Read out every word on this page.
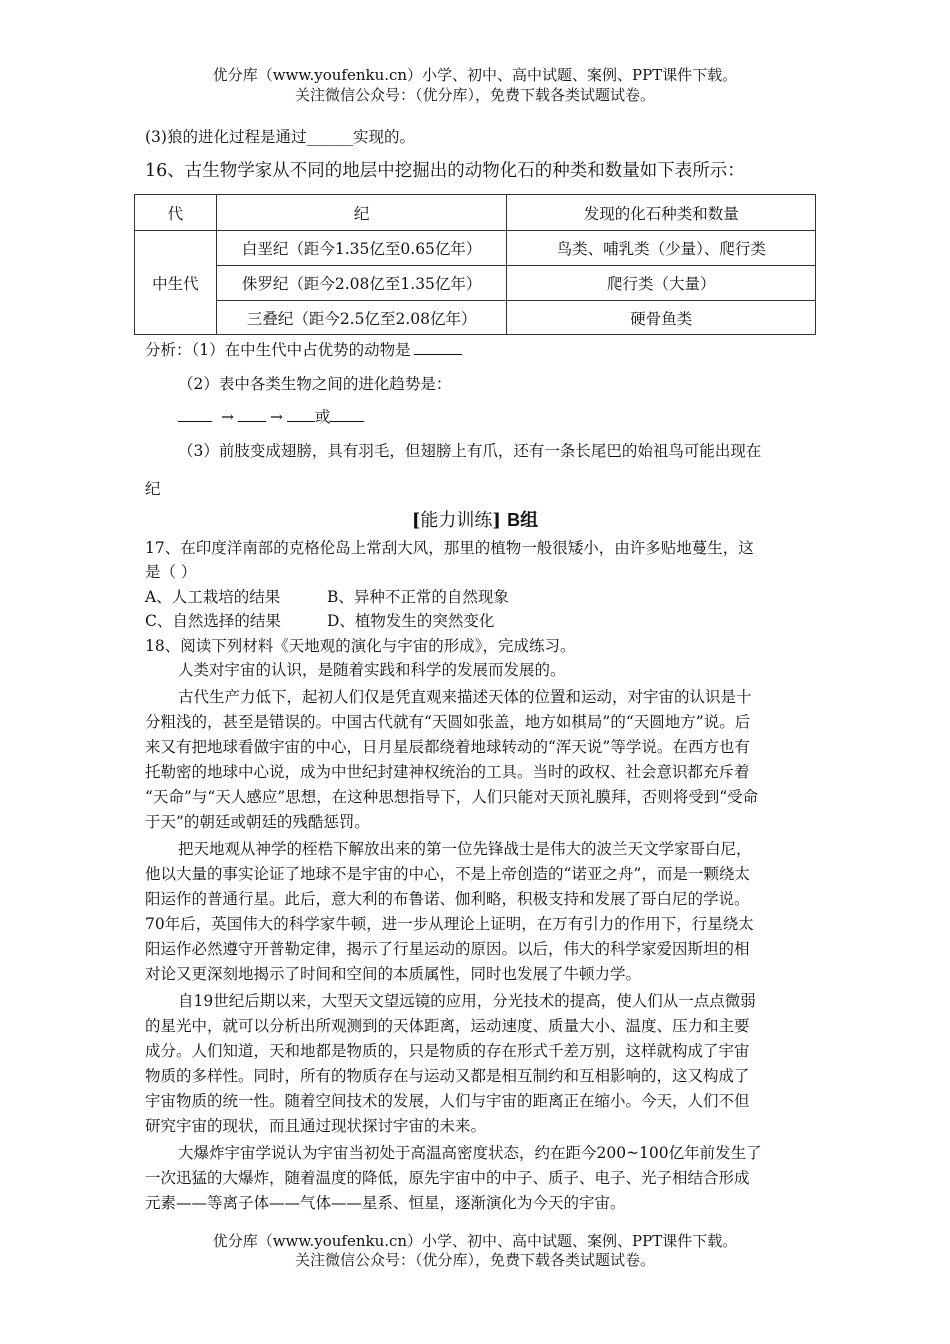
优分库（www.youfenku.cn）小学、初中、高中试题、案例、PPT课件下载。
关注微信公众号：（优分库），免费下载各类试题试卷。
(3)狼的进化过程是通过______实现的。
16、古生物学家从不同的地层中挖掘出的动物化石的种类和数量如下表所示：
代	纪	发现的化石种类和数量
中生代	白垩纪（距今1.35亿至0.65亿年）	鸟类、哺乳类（少量）、爬行类
	侏罗纪（距今2.08亿至1.35亿年）	爬行类（大量）
	三叠纪（距今2.5亿至2.08亿年）	硬骨鱼类
分析：（1）在中生代中占优势的动物是
（2）表中各类生物之间的进化趋势是：
→ → 或
（3）前肢变成翅膀，具有羽毛，但翅膀上有爪，还有一条长尾巴的始祖鸟可能出现在
纪
[能力训练] B组
17、在印度洋南部的克格伦岛上常刮大风，那里的植物一般很矮小，由许多贴地蔓生，这
是（ ）
A、人工栽培的结果	B、异种不正常的自然现象
C、自然选择的结果	D、植物发生的突然变化
18、阅读下列材料《天地观的演化与宇宙的形成》，完成练习。
人类对宇宙的认识，是随着实践和科学的发展而发展的。
古代生产力低下，起初人们仅是凭直观来描述天体的位置和运动，对宇宙的认识是十
分粗浅的，甚至是错误的。中国古代就有“天圆如张盖，地方如棋局”的“天圆地方”说。后
来又有把地球看做宇宙的中心，日月星辰都绕着地球转动的“浑天说”等学说。在西方也有
托勒密的地球中心说，成为中世纪封建神权统治的工具。当时的政权、社会意识都充斥着
“天命”与“天人感应”思想，在这种思想指导下，人们只能对天顶礼膜拜，否则将受到“受命
于天”的朝廷或朝廷的残酷惩罚。
把天地观从神学的桎梏下解放出来的第一位先锋战士是伟大的波兰天文学家哥白尼，
他以大量的事实论证了地球不是宇宙的中心，不是上帝创造的“诺亚之舟”，而是一颗绕太
阳运作的普通行星。此后，意大利的布鲁诺、伽利略，积极支持和发展了哥白尼的学说。
70年后，英国伟大的科学家牛顿，进一步从理论上证明，在万有引力的作用下，行星绕太
阳运作必然遵守开普勒定律，揭示了行星运动的原因。以后，伟大的科学家爱因斯坦的相
对论又更深刻地揭示了时间和空间的本质属性，同时也发展了牛顿力学。
自19世纪后期以来，大型天文望远镜的应用，分光技术的提高，使人们从一点点微弱
的星光中，就可以分析出所观测到的天体距离，运动速度、质量大小、温度、压力和主要
成分。人们知道，天和地都是物质的，只是物质的存在形式千差万别，这样就构成了宇宙
物质的多样性。同时，所有的物质存在与运动又都是相互制约和互相影响的，这又构成了
宇宙物质的统一性。随着空间技术的发展，人们与宇宙的距离正在缩小。今天，人们不但
研究宇宙的现状，而且通过现状探讨宇宙的未来。
大爆炸宇宙学说认为宇宙当初处于高温高密度状态，约在距今200~100亿年前发生了
一次迅猛的大爆炸，随着温度的降低，原先宇宙中的中子、质子、电子、光子相结合形成
元素——等离子体——气体——星系、恒星，逐渐演化为今天的宇宙。
优分库（www.youfenku.cn）小学、初中、高中试题、案例、PPT课件下载。
关注微信公众号：（优分库），免费下载各类试题试卷。
